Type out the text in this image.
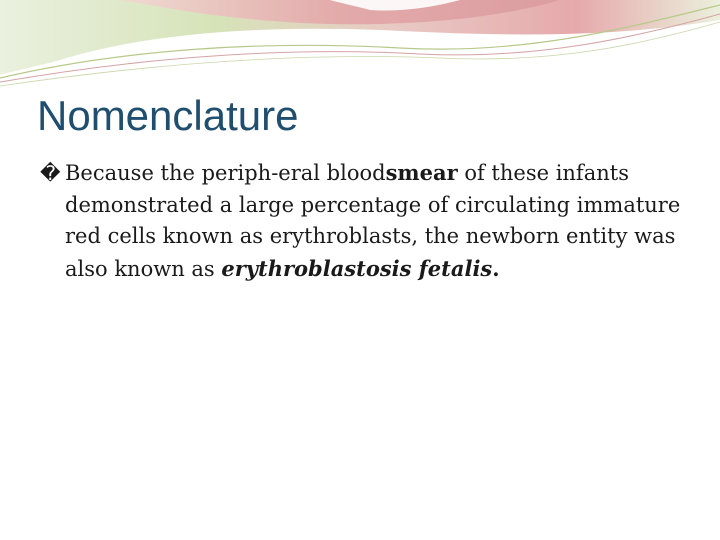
Nomenclature

� Because the periph-eral bloodsmear of these infants demonstrated a large percentage of circulating immature red cells known as erythroblasts, the newborn entity was also known as erythroblastosis fetalis.
